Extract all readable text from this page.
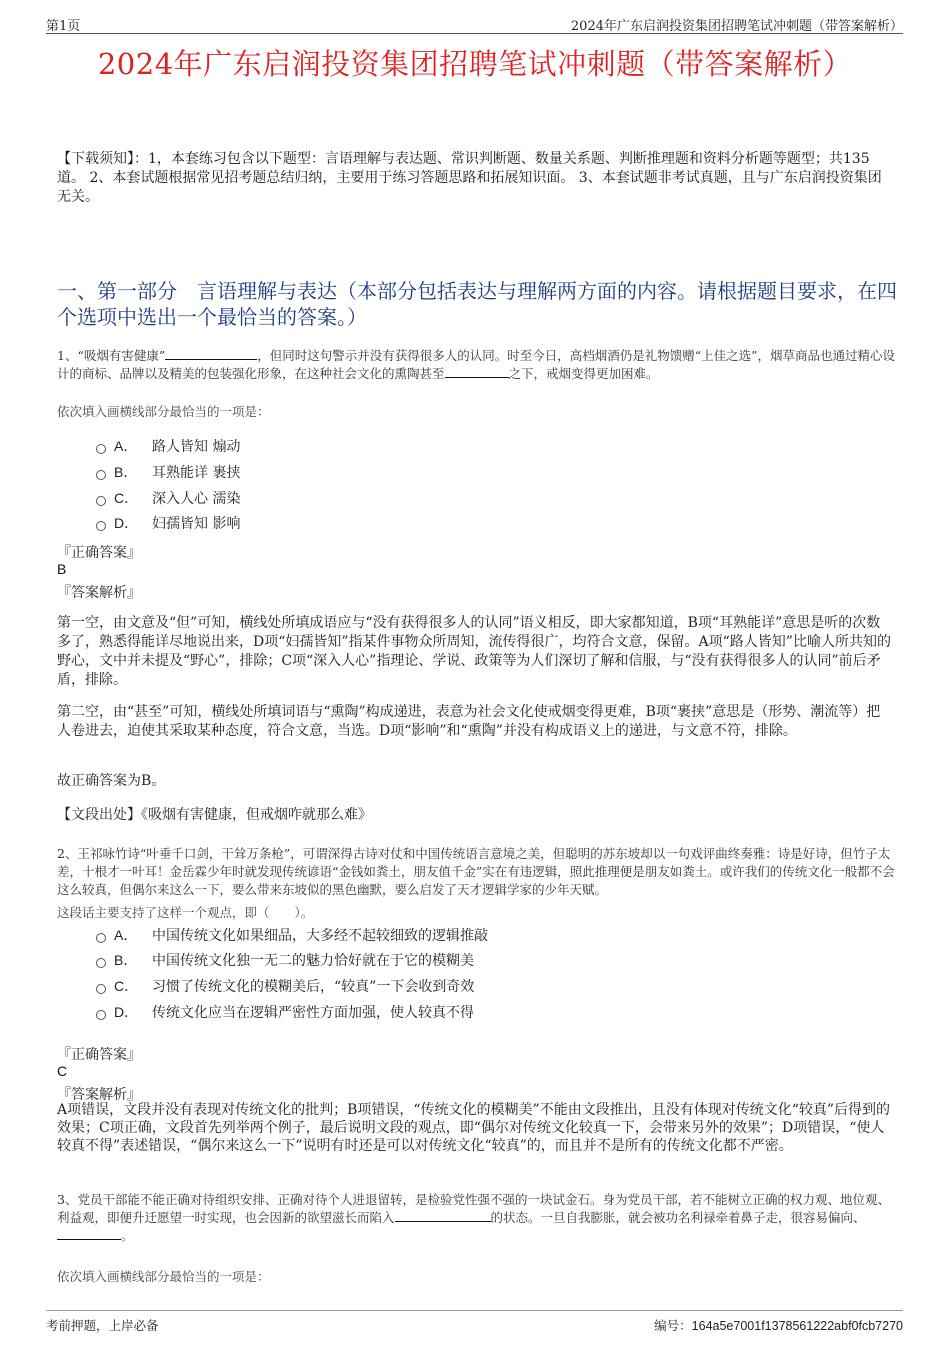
第1页	2024年广东启润投资集团招聘笔试冲刺题（带答案解析）
2024年广东启润投资集团招聘笔试冲刺题（带答案解析）
【下载须知】：1，本套练习包含以下题型：言语理解与表达题、常识判断题、数量关系题、判断推理题和资料分析题等题型；共135道。 2、本套试题根据常见招考题总结归纳，主要用于练习答题思路和拓展知识面。 3、本套试题非考试真题，且与广东启润投资集团无关。
一、第一部分　言语理解与表达（本部分包括表达与理解两方面的内容。请根据题目要求，在四个选项中选出一个最恰当的答案。）
1、“吸烟有害健康”	，但同时这句警示并没有获得很多人的认同。时至今日，高档烟酒仍是礼物馈赠“上佳之选”，烟草商品也通过精心设计的商标、品牌以及精美的包装强化形象，在这种社会文化的熏陶甚至	之下，戒烟变得更加困难。
依次填入画横线部分最恰当的一项是：
A．	路人皆知 煽动
B．	耳熟能详 裹挟
C． 深入人心 濡染
D． 妇孺皆知 影响
『正确答案』
B
『答案解析』
第一空，由文意及“但”可知，横线处所填成语应与“没有获得很多人的认同”语义相反，即大家都知道，B项“耳熟能详”意思是听的次数多了，熟悉得能详尽地说出来，D项“妇孺皆知”指某件事物众所周知，流传得很广，均符合文意，保留。A项“路人皆知”比喻人所共知的野心，文中并未提及“野心”，排除；C项“深入人心”指理论、学说、政策等为人们深切了解和信服，与“没有获得很多人的认同”前后矛盾，排除。
第二空，由“甚至”可知，横线处所填词语与“熏陶”构成递进，表意为社会文化使戒烟变得更难，B项“裹挟”意思是（形势、潮流等）把人卷进去，迫使其采取某种态度，符合文意，当选。D项“影响”和“熏陶”并没有构成语义上的递进，与文意不符，排除。
故正确答案为B。
【文段出处】《吸烟有害健康，但戒烟咋就那么难》
2、王祁咏竹诗“叶垂千口剑，干耸万条枪”，可谓深得古诗对仗和中国传统语言意境之美，但聪明的苏东坡却以一句戏评曲终奏雅：诗是好诗，但竹子太差，十根才一叶耳！金岳霖少年时就发现传统谚语“金钱如粪土，朋友值千金”实在有违逻辑，照此推理便是朋友如粪土。或许我们的传统文化一般都不会这么较真，但偶尔来这么一下，要么带来东坡似的黑色幽默，要么启发了天才逻辑学家的少年天赋。
这段话主要支持了这样一个观点，即（　　）。
A．	中国传统文化如果细品，大多经不起较细致的逻辑推敲
B．	中国传统文化独一无二的魅力恰好就在于它的模糊美
C． 习惯了传统文化的模糊美后，“较真”一下会收到奇效
D． 传统文化应当在逻辑严密性方面加强，使人较真不得
『正确答案』
C
『答案解析』
A项错误，文段并没有表现对传统文化的批判；B项错误，“传统文化的模糊美”不能由文段推出，且没有体现对传统文化“较真”后得到的效果；C项正确，文段首先列举两个例子，最后说明文段的观点，即“偶尔对传统文化较真一下，会带来另外的效果”；D项错误，“使人较真不得”表述错误，“偶尔来这么一下”说明有时还是可以对传统文化“较真”的，而且并不是所有的传统文化都不严密。
3、党员干部能不能正确对待组织安排、正确对待个人进退留转，是检验党性强不强的一块试金石。身为党员干部，若不能树立正确的权力观、地位观、利益观，即便升迁愿望一时实现，也会因新的欲望滋长而陷入	的状态。一旦自我膨胀，就会被功名利禄牵着鼻子走，很容易偏向、。
依次填入画横线部分最恰当的一项是：
考前押题，上岸必备	编号：164a5e7001f1378561222abf0fcb7270
